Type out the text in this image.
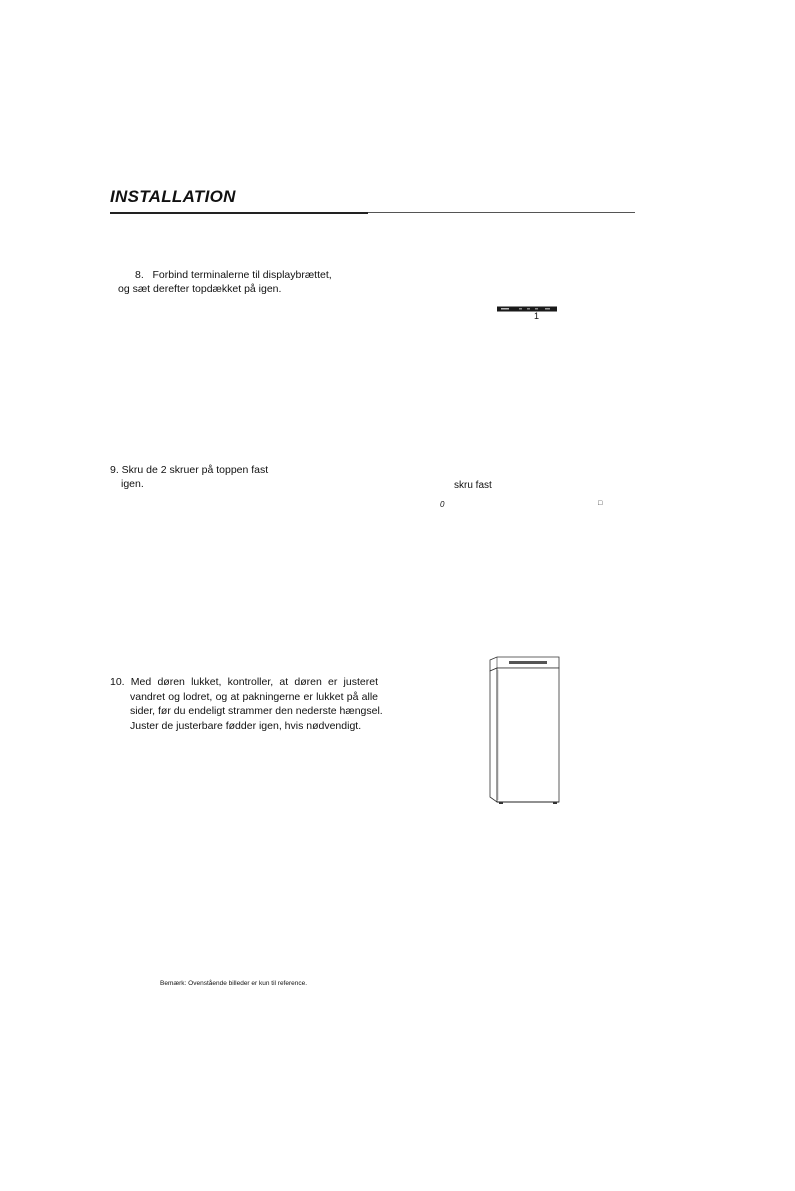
INSTALLATION

8.   Forbind terminalerne til displaybrættet,

og sæt derefter topdækket på igen.

1

9. Skru de 2 skruer på toppen fast

igen.	skru fast
0	□
10. Med døren lukket, kontroller, at døren er justeret
vandret og lodret, og at pakningerne er lukket på alle
sider, før du endeligt strammer den nederste hængsel.
Juster de justerbare fødder igen, hvis nødvendigt.

Bemærk: Ovenstående billeder er kun til reference.
